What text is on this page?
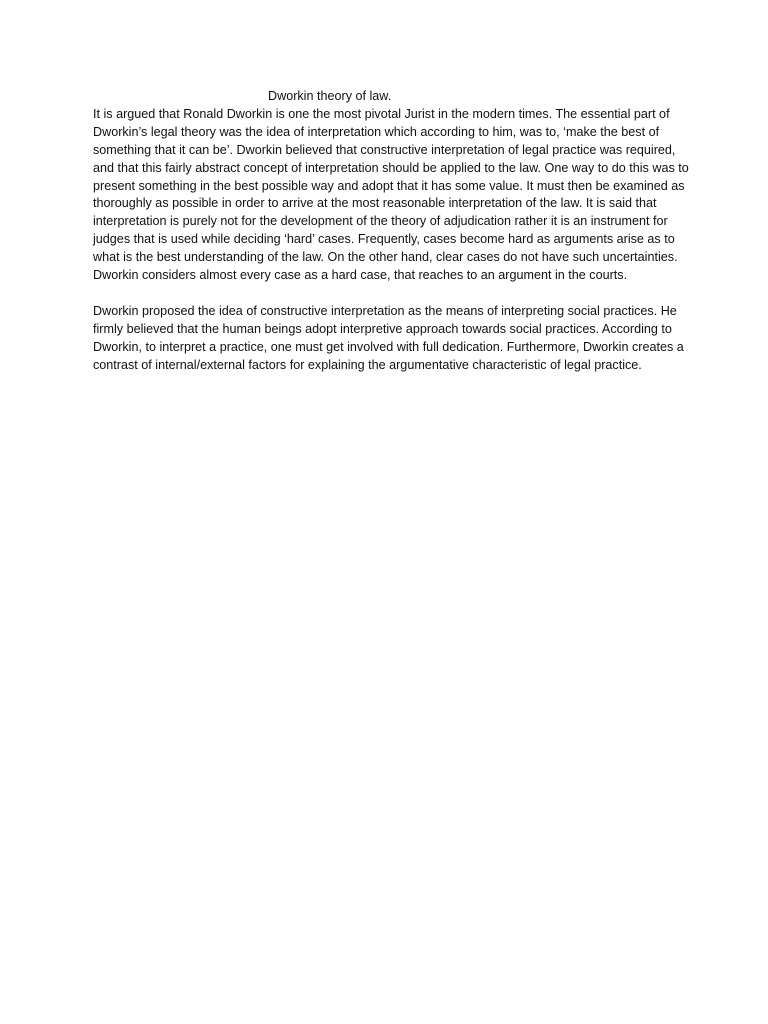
Dworkin theory of law.

It is argued that Ronald Dworkin is one the most pivotal Jurist in the modern times. The essential part of Dworkin’s legal theory was the idea of interpretation which according to him, was to, ‘make the best of something that it can be’. Dworkin believed that constructive interpretation of legal practice was required, and that this fairly abstract concept of interpretation should be applied to the law. One way to do this was to present something in the best possible way and adopt that it has some value. It must then be examined as thoroughly as possible in order to arrive at the most reasonable interpretation of the law. It is said that interpretation is purely not for the development of the theory of adjudication rather it is an instrument for judges that is used while deciding ‘hard’ cases. Frequently, cases become hard as arguments arise as to what is the best understanding of the law. On the other hand, clear cases do not have such uncertainties. Dworkin considers almost every case as a hard case, that reaches to an argument in the courts.

Dworkin proposed the idea of constructive interpretation as the means of interpreting social practices. He firmly believed that the human beings adopt interpretive approach towards social practices. According to Dworkin, to interpret a practice, one must get involved with full dedication. Furthermore, Dworkin creates a contrast of internal/external factors for explaining the argumentative characteristic of legal practice.
